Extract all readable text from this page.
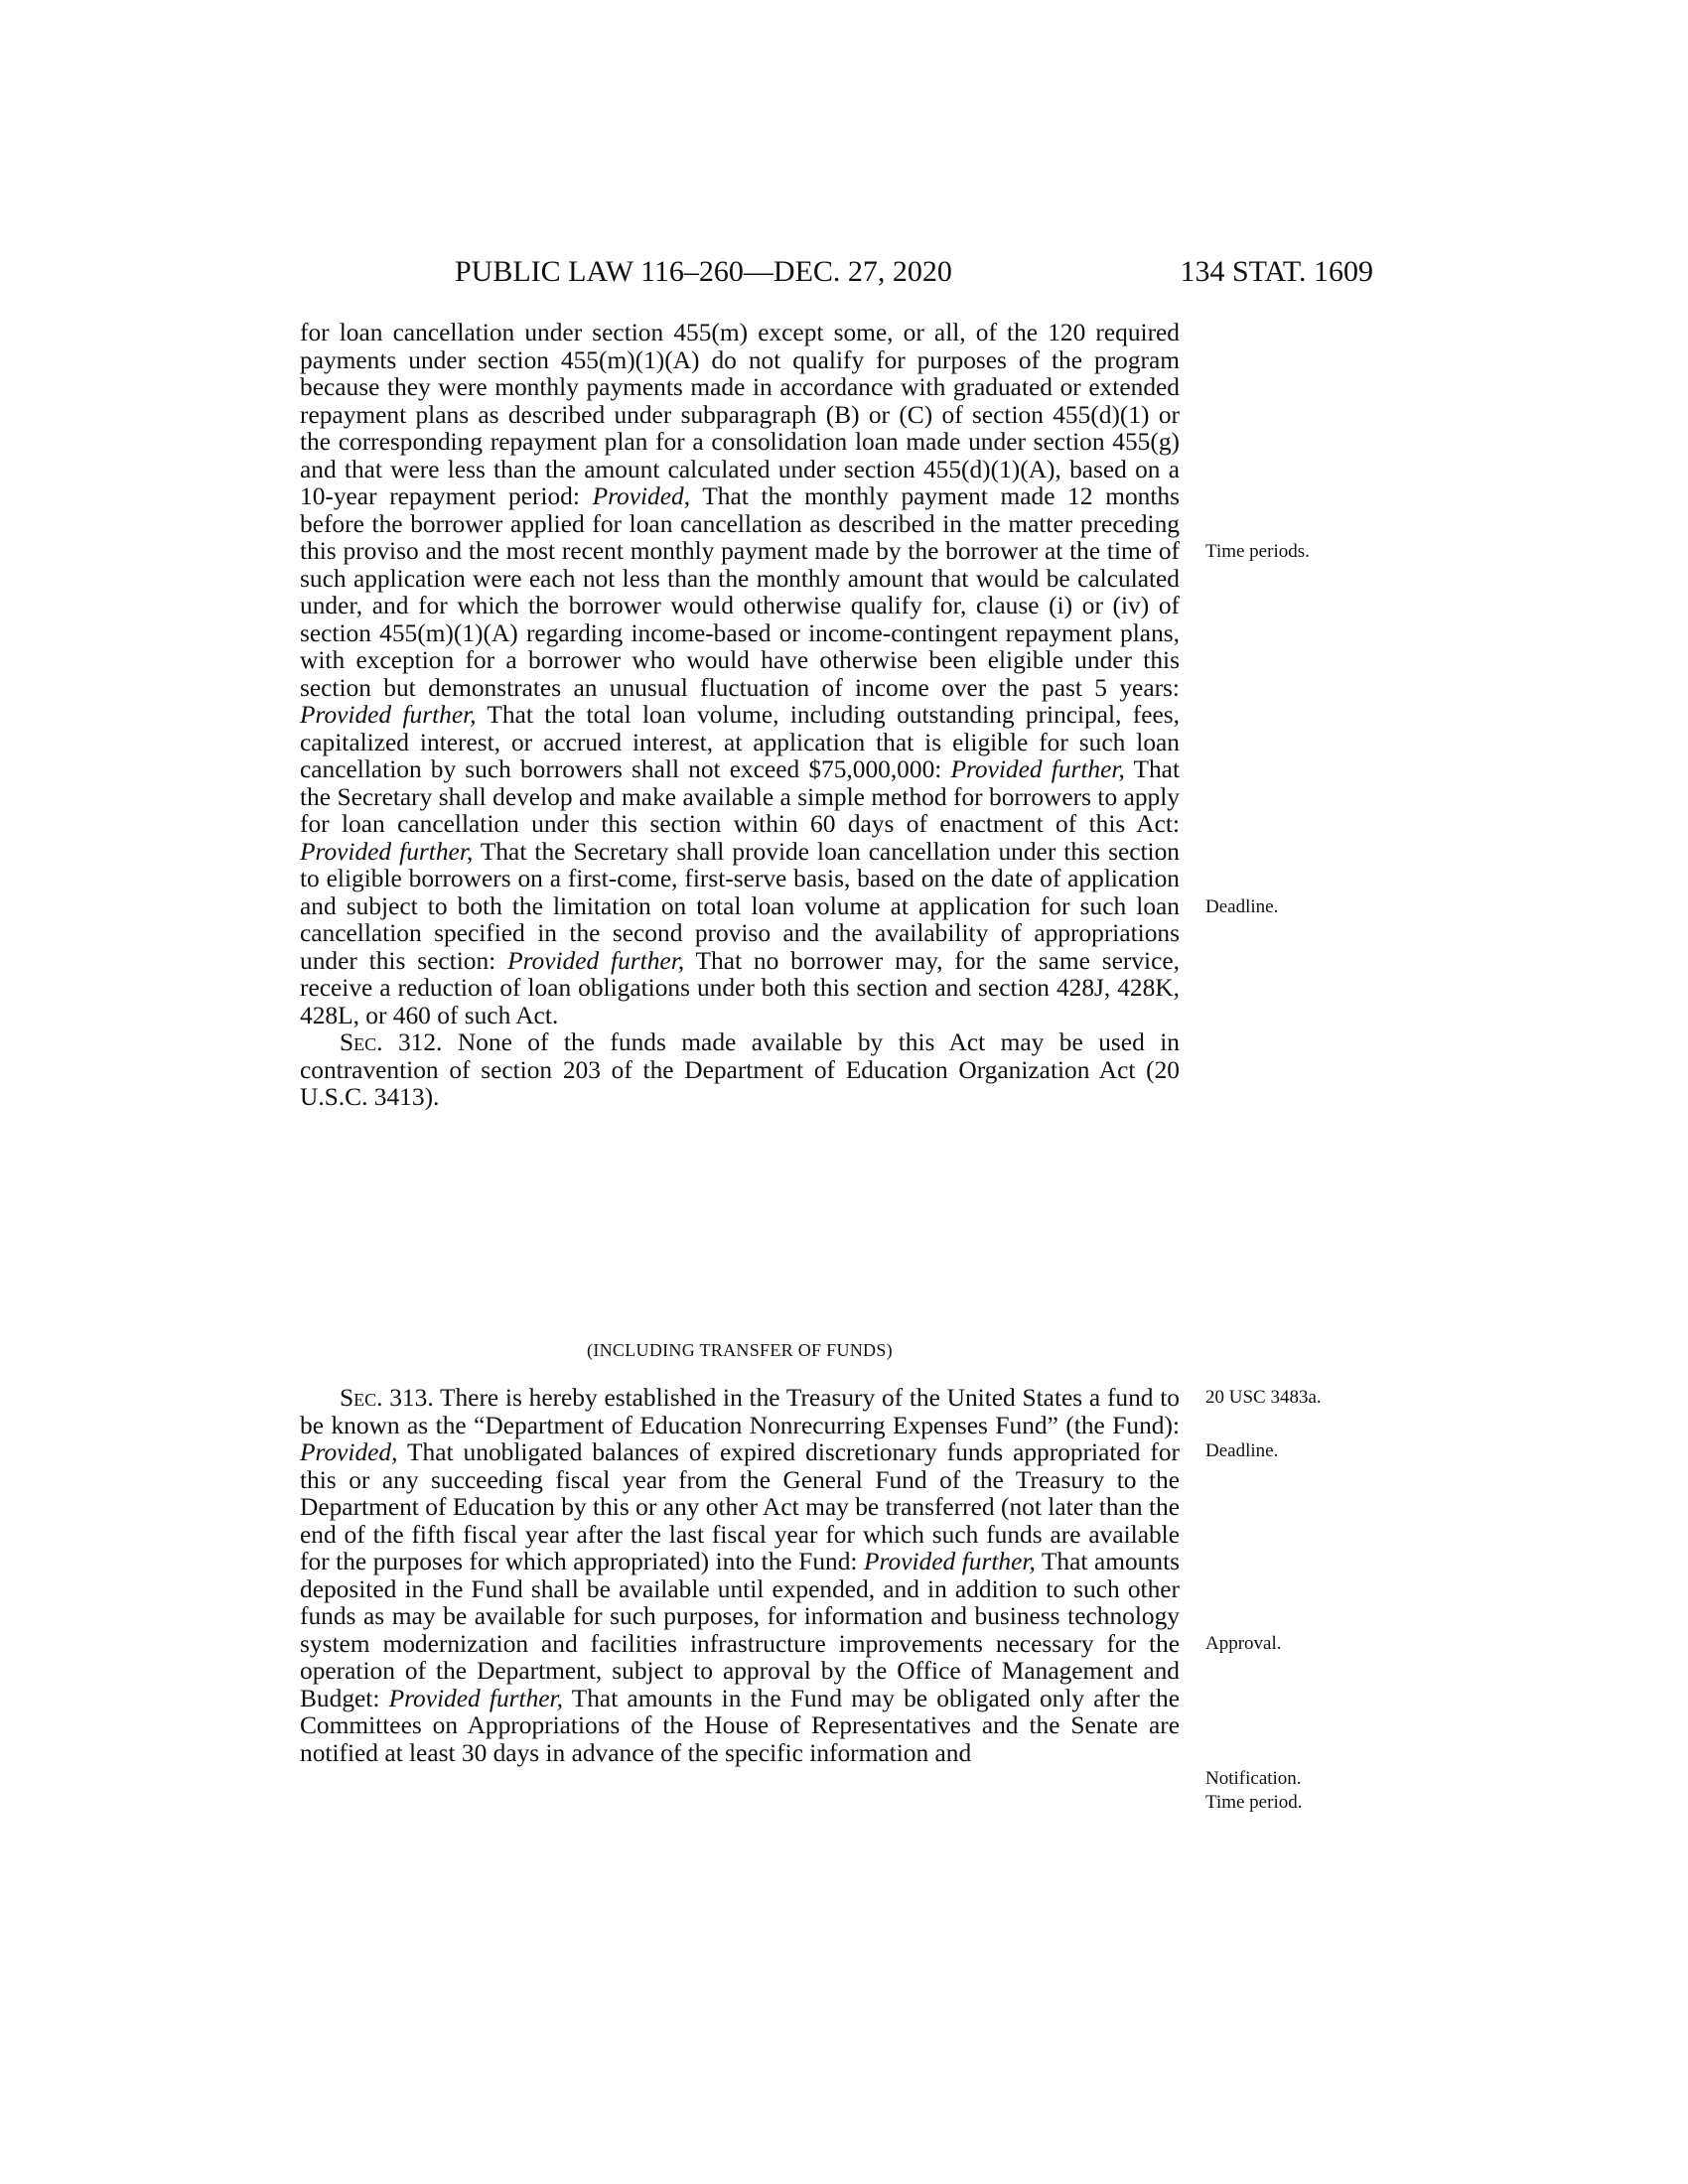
PUBLIC LAW 116–260—DEC. 27, 2020	134 STAT. 1609

for loan cancellation under section 455(m) except some, or all, of the 120 required payments under section 455(m)(1)(A) do not qualify for purposes of the program because they were monthly payments made in accordance with graduated or extended repayment plans as described under subparagraph (B) or (C) of section 455(d)(1) or the corresponding repayment plan for a consolidation loan made under section 455(g) and that were less than the amount calculated under section 455(d)(1)(A), based on a 10-year repayment period: Provided, That the monthly payment made 12 months before the borrower applied for loan cancellation as described in the matter preceding this proviso and the most recent monthly payment made by the borrower at the time of such application were each not less than the monthly amount that would be calculated under, and for which the borrower would otherwise qualify for, clause (i) or (iv) of section 455(m)(1)(A) regarding income-based or income-contingent repayment plans, with exception for a borrower who would have otherwise been eligible under this section but demonstrates an unusual fluctuation of income over the past 5 years: Provided further, That the total loan volume, including outstanding principal, fees, capitalized interest, or accrued interest, at application that is eligible for such loan cancellation by such borrowers shall not exceed $75,000,000: Provided further, That the Secretary shall develop and make available a simple method for borrowers to apply for loan cancellation under this section within 60 days of enactment of this Act: Provided further, That the Secretary shall provide loan cancellation under this section to eligible borrowers on a first-come, first-serve basis, based on the date of application and subject to both the limitation on total loan volume at application for such loan cancellation specified in the second proviso and the availability of appropriations under this section: Provided further, That no borrower may, for the same service, receive a reduction of loan obligations under both this section and section 428J, 428K, 428L, or 460 of such Act.

Sec. 312. None of the funds made available by this Act may be used in contravention of section 203 of the Department of Education Organization Act (20 U.S.C. 3413).

(INCLUDING TRANSFER OF FUNDS)

Sec. 313. There is hereby established in the Treasury of the United States a fund to be known as the “Department of Education Nonrecurring Expenses Fund” (the Fund): Provided, That unobligated balances of expired discretionary funds appropriated for this or any succeeding fiscal year from the General Fund of the Treasury to the Department of Education by this or any other Act may be transferred (not later than the end of the fifth fiscal year after the last fiscal year for which such funds are available for the purposes for which appropriated) into the Fund: Provided further, That amounts deposited in the Fund shall be available until expended, and in addition to such other funds as may be available for such purposes, for information and business technology system modernization and facilities infrastructure improvements necessary for the operation of the Department, subject to approval by the Office of Management and Budget: Provided further, That amounts in the Fund may be obligated only after the Committees on Appropriations of the House of Representatives and the Senate are notified at least 30 days in advance of the specific information and

Time periods.
Deadline.
20 USC 3483a.
Deadline.
Approval.
Notification.
Time period.
